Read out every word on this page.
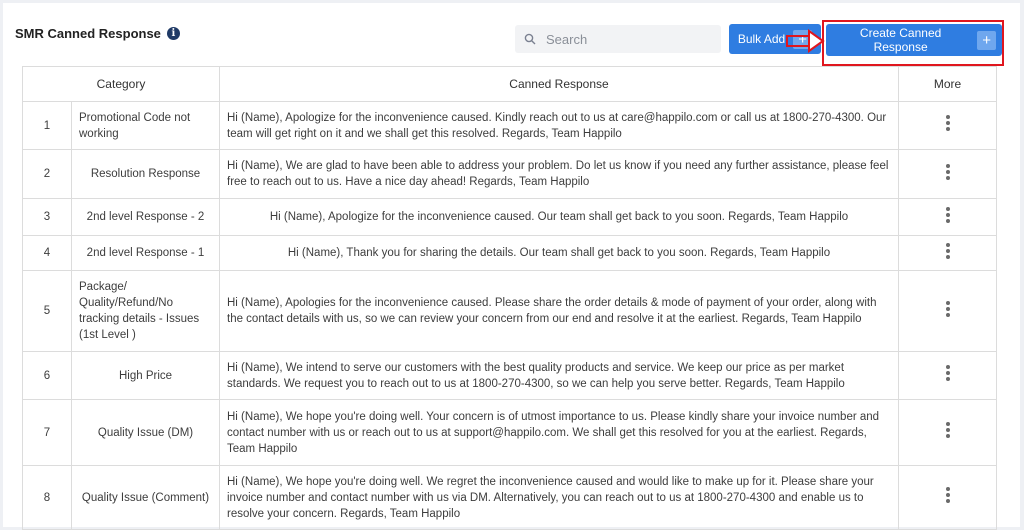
SMR Canned Response	i
Search	Bulk Add +	Create Canned Response	+
Category		Canned Response	More
1	Promotional Code not working	Hi (Name), Apologize for the inconvenience caused. Kindly reach out to us at care@happilo.com or call us at 1800-270-4300. Our team will get right on it and we shall get this resolved. Regards, Team Happilo	

2	Resolution Response	Hi (Name), We are glad to have been able to address your problem. Do let us know if you need any further assistance, please feel free to reach out to us. Have a nice day ahead! Regards, Team Happilo	

3	2nd level Response - 2	Hi (Name), Apologize for the inconvenience caused. Our team shall get back to you soon. Regards, Team Happilo	

4	2nd level Response - 1	Hi (Name), Thank you for sharing the details. Our team shall get back to you soon. Regards, Team Happilo	

5	Package/ Quality/Refund/No tracking details - Issues (1st Level )	Hi (Name), Apologies for the inconvenience caused. Please share the order details & mode of payment of your order, along with the contact details with us, so we can review your concern from our end and resolve it at the earliest. Regards, Team Happilo	

6	High Price	Hi (Name), We intend to serve our customers with the best quality products and service. We keep our price as per market standards. We request you to reach out to us at 1800-270-4300, so we can help you serve better. Regards, Team Happilo	

7	Quality Issue (DM)	Hi (Name), We hope you're doing well. Your concern is of utmost importance to us. Please kindly share your invoice number and contact number with us or reach out to us at support@happilo.com. We shall get this resolved for you at the earliest. Regards, Team Happilo	

8	Quality Issue (Comment)	Hi (Name), We hope you're doing well. We regret the inconvenience caused and would like to make up for it. Please share your invoice number and contact number with us via DM. Alternatively, you can reach out to us at 1800-270-4300 and enable us to resolve your concern. Regards, Team Happilo	
